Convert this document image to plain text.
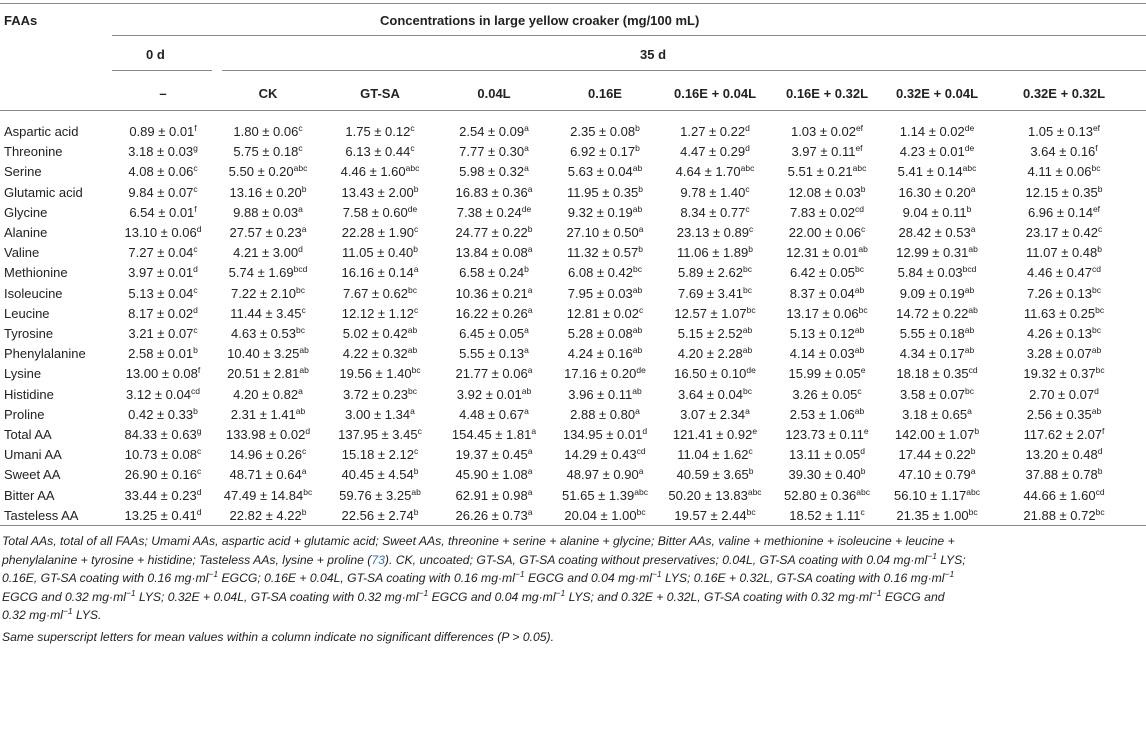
FAAs	Concentrations in large yellow croaker (mg/100 mL)
0 d	35 d
–	CK	GT-SA	0.04L	0.16E	0.16E + 0.04L	0.16E + 0.32L	0.32E + 0.04L	0.32E + 0.32L
Aspartic acid	0.89 ± 0.01$^f$	1.80 ± 0.06$^c$	1.75 ± 0.12$^c$	2.54 ± 0.09$^a$	2.35 ± 0.08$^b$	1.27 ± 0.22$^d$	1.03 ± 0.02$^{ef}$	1.14 ± 0.02de	1.05 ± 0.13$^{ef}$
Threonine	3.18 ± 0.03$^g$	5.75 ± 0.18$^c$	6.13 ± 0.44$^c$	7.77 ± 0.30$^a$	6.92 ± 0.17$^b$	4.47 ± 0.29$^d$	3.97 ± 0.11$^{ef}$	4.23 ± 0.01de	3.64 ± 0.16$^f$
Serine	4.08 ± 0.06$^c$	5.50 ± 0.20$^{abc}$	4.46 ± 1.60$^{abc}$	5.98 ± 0.32$^a$	5.63 ± 0.04$^{ab}$	4.64 ± 1.70$^{abc}$	5.51 ± 0.21$^{abc}$	5.41 ± 0.14$^{abc}$	4.11 ± 0.06$^{bc}$
Glutamic acid	9.84 ± 0.07$^c$	13.16 ± 0.20$^b$	13.43 ± 2.00$^b$	16.83 ± 0.36$^a$	11.95 ± 0.35$^b$	9.78 ± 1.40$^c$	12.08 ± 0.03$^b$	16.30 ± 0.20$^a$	12.15 ± 0.35$^b$
Glycine	6.54 ± 0.01$^f$	9.88 ± 0.03$^a$	7.58 ± 0.60de	7.38 ± 0.24de	9.32 ± 0.19$^{ab}$	8.34 ± 0.77$^c$	7.83 ± 0.02$^{cd}$	9.04 ± 0.11$^b$	6.96 ± 0.14$^{ef}$
Alanine	13.10 ± 0.06$^d$	27.57 ± 0.23$^a$	22.28 ± 1.90$^c$	24.77 ± 0.22$^b$	27.10 ± 0.50$^a$	23.13 ± 0.89$^c$	22.00 ± 0.06$^c$	28.42 ± 0.53$^a$	23.17 ± 0.42$^c$
Valine	7.27 ± 0.04$^c$	4.21 ± 3.00$^d$	11.05 ± 0.40$^b$	13.84 ± 0.08$^a$	11.32 ± 0.57$^b$	11.06 ± 1.89$^b$	12.31 ± 0.01$^{ab}$	12.99 ± 0.31$^{ab}$	11.07 ± 0.48$^b$
Methionine	3.97 ± 0.01$^d$	5.74 ± 1.69$^{bcd}$	16.16 ± 0.14$^a$	6.58 ± 0.24$^b$	6.08 ± 0.42$^{bc}$	5.89 ± 2.62$^{bc}$	6.42 ± 0.05$^{bc}$	5.84 ± 0.03$^{bcd}$	4.46 ± 0.47$^{cd}$
Isoleucine	5.13 ± 0.04$^c$	7.22 ± 2.10$^{bc}$	7.67 ± 0.62$^{bc}$	10.36 ± 0.21$^a$	7.95 ± 0.03$^{ab}$	7.69 ± 3.41$^{bc}$	8.37 ± 0.04$^{ab}$	9.09 ± 0.19$^{ab}$	7.26 ± 0.13$^{bc}$
Leucine	8.17 ± 0.02$^d$	11.44 ± 3.45$^c$	12.12 ± 1.12$^c$	16.22 ± 0.26$^a$	12.81 ± 0.02$^c$	12.57 ± 1.07$^{bc}$	13.17 ± 0.06$^{bc}$	14.72 ± 0.22$^{ab}$	11.63 ± 0.25$^{bc}$
Tyrosine	3.21 ± 0.07$^c$	4.63 ± 0.53$^{bc}$	5.02 ± 0.42$^{ab}$	6.45 ± 0.05$^a$	5.28 ± 0.08$^{ab}$	5.15 ± 2.52$^{ab}$	5.13 ± 0.12$^{ab}$	5.55 ± 0.18$^{ab}$	4.26 ± 0.13$^{bc}$
Phenylalanine	2.58 ± 0.01$^b$	10.40 ± 3.25$^{ab}$	4.22 ± 0.32$^{ab}$	5.55 ± 0.13$^a$	4.24 ± 0.16$^{ab}$	4.20 ± 2.28$^{ab}$	4.14 ± 0.03$^{ab}$	4.34 ± 0.17$^{ab}$	3.28 ± 0.07$^{ab}$
Lysine	13.00 ± 0.08$^f$	20.51 ± 2.81$^{ab}$	19.56 ± 1.40$^{bc}$	21.77 ± 0.06$^a$	17.16 ± 0.20de	16.50 ± 0.10de	15.99 ± 0.05$^e$	18.18 ± 0.35$^{cd}$	19.32 ± 0.37$^{bc}$
Histidine	3.12 ± 0.04$^{cd}$	4.20 ± 0.82$^a$	3.72 ± 0.23$^{bc}$	3.92 ± 0.01$^{ab}$	3.96 ± 0.11$^{ab}$	3.64 ± 0.04$^{bc}$	3.26 ± 0.05$^c$	3.58 ± 0.07$^{bc}$	2.70 ± 0.07$^d$
Proline	0.42 ± 0.33$^b$	2.31 ± 1.41$^{ab}$	3.00 ± 1.34$^a$	4.48 ± 0.67$^a$	2.88 ± 0.80$^a$	3.07 ± 2.34$^a$	2.53 ± 1.06$^{ab}$	3.18 ± 0.65$^a$	2.56 ± 0.35$^{ab}$
Total AA	84.33 ± 0.63$^g$	133.98 ± 0.02$^d$	137.95 ± 3.45$^c$	154.45 ± 1.81$^a$	134.95 ± 0.01$^d$	121.41 ± 0.92$^e$	123.73 ± 0.11$^e$	142.00 ± 1.07$^b$	117.62 ± 2.07$^f$
Umani AA	10.73 ± 0.08$^c$	14.96 ± 0.26$^c$	15.18 ± 2.12$^c$	19.37 ± 0.45$^a$	14.29 ± 0.43$^{cd}$	11.04 ± 1.62$^c$	13.11 ± 0.05$^d$	17.44 ± 0.22$^b$	13.20 ± 0.48$^d$
Sweet AA	26.90 ± 0.16$^c$	48.71 ± 0.64$^a$	40.45 ± 4.54$^b$	45.90 ± 1.08$^a$	48.97 ± 0.90$^a$	40.59 ± 3.65$^b$	39.30 ± 0.40$^b$	47.10 ± 0.79$^a$	37.88 ± 0.78$^b$
Bitter AA	33.44 ± 0.23$^d$	47.49 ± 14.84$^{bc}$	59.76 ± 3.25$^{ab}$	62.91 ± 0.98$^a$	51.65 ± 1.39$^{abc}$	50.20 ± 13.83$^{abc}$	52.80 ± 0.36$^{abc}$	56.10 ± 1.17$^{abc}$	44.66 ± 1.60$^{cd}$
Tasteless AA	13.25 ± 0.41$^d$	22.82 ± 4.22$^b$	22.56 ± 2.74$^b$	26.26 ± 0.73$^a$	20.04 ± 1.00$^{bc}$	19.57 ± 2.44$^{bc}$	18.52 ± 1.11$^c$	21.35 ± 1.00$^{bc}$	21.88 ± 0.72$^{bc}$
Total AAs, total of all FAAs; Umami AAs, aspartic acid + glutamic acid; Sweet AAs, threonine + serine + alanine + glycine; Bitter AAs, valine + methionine + isoleucine + leucine +
phenylalanine + tyrosine + histidine; Tasteless AAs, lysine + proline (73). CK, uncoated; GT-SA, GT-SA coating without preservatives; 0.04L, GT-SA coating with 0.04 $mg\cdot ml^{-1}$ LYS;
0.16E, GT-SA coating with 0.16 $mg\cdot ml^{-1}$ EGCG; 0.16E + 0.04L, GT-SA coating with 0.16 $mg\cdot ml^{-1}$ EGCG and 0.04 $mg\cdot ml^{-1}$ LYS; 0.16E + 0.32L, GT-SA coating with 0.16 $mg\cdot ml^{-1}$
EGCG and 0.32 $mg\cdot ml^{-1}$ LYS; 0.32E + 0.04L, GT-SA coating with 0.32 $mg\cdot ml^{-1}$ EGCG and 0.04 $mg\cdot ml^{-1}$ LYS; and 0.32E + 0.32L, GT-SA coating with 0.32 $mg\cdot ml^{-1}$ EGCG and
0.32 $mg\cdot ml^{-1}$ LYS.
Same superscript letters for mean values within a column indicate no significant differences (P > 0.05).
